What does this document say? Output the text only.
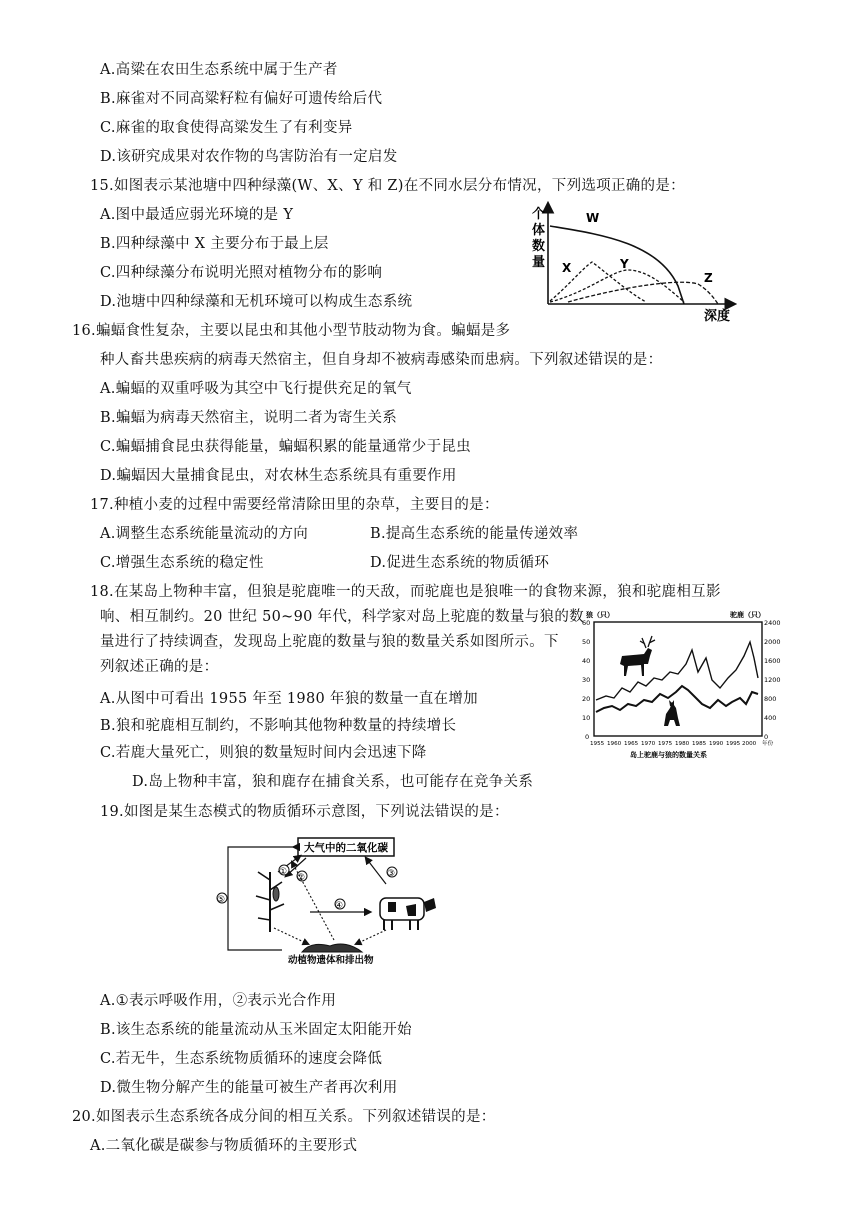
A.高粱在农田生态系统中属于生产者
B.麻雀对不同高粱籽粒有偏好可遗传给后代
C.麻雀的取食使得高粱发生了有利变异
D.该研究成果对农作物的鸟害防治有一定启发
15.如图表示某池塘中四种绿藻(W、X、Y 和 Z)在不同水层分布情况，下列选项正确的是：
A.图中最适应弱光环境的是 Y
B.四种绿藻中 X 主要分布于最上层
C.四种绿藻分布说明光照对植物分布的影响
D.池塘中四种绿藻和无机环境可以构成生态系统
个
体
数
量
深度
W
X	Y
Z
16.蝙蝠食性复杂，主要以昆虫和其他小型节肢动物为食。蝙蝠是多
种人畜共患疾病的病毒天然宿主，但自身却不被病毒感染而患病。下列叙述错误的是：
A.蝙蝠的双重呼吸为其空中飞行提供充足的氧气
B.蝙蝠为病毒天然宿主，说明二者为寄生关系
C.蝙蝠捕食昆虫获得能量，蝙蝠积累的能量通常少于昆虫
D.蝙蝠因大量捕食昆虫，对农林生态系统具有重要作用
17.种植小麦的过程中需要经常清除田里的杂草，主要目的是：
A.调整生态系统能量流动的方向	B.提高生态系统的能量传递效率
C.增强生态系统的稳定性	D.促进生态系统的物质循环
18.在某岛上物种丰富，但狼是驼鹿唯一的天敌，而驼鹿也是狼唯一的食物来源，狼和驼鹿相互影
响、相互制约。20 世纪 50~90 年代，科学家对岛上驼鹿的数量与狼的数
量进行了持续调查，发现岛上驼鹿的数量与狼的数量关系如图所示。下
列叙述正确的是：
A.从图中可看出 1955 年至 1980 年狼的数量一直在增加
B.狼和驼鹿相互制约，不影响其他物种数量的持续增长
C.若鹿大量死亡，则狼的数量短时间内会迅速下降
D.岛上物种丰富，狼和鹿存在捕食关系，也可能存在竞争关系
狼（只）	驼鹿（只）
60
50
40
30
20
10
0
2400
2000
1600
1200
800
400
0
1955 1960 1965 1970 1975 1980 1985 1990 1995 2000 年份
岛上驼鹿与狼的数量关系
19.如图是某生态模式的物质循环示意图，下列说法错误的是：
大气中的二氧化碳
⑤
①
②	③
④
动植物遗体和排出物
A.①表示呼吸作用，②表示光合作用
B.该生态系统的能量流动从玉米固定太阳能开始
C.若无牛，生态系统物质循环的速度会降低
D.微生物分解产生的能量可被生产者再次利用
20.如图表示生态系统各成分间的相互关系。下列叙述错误的是：
A.二氧化碳是碳参与物质循环的主要形式
